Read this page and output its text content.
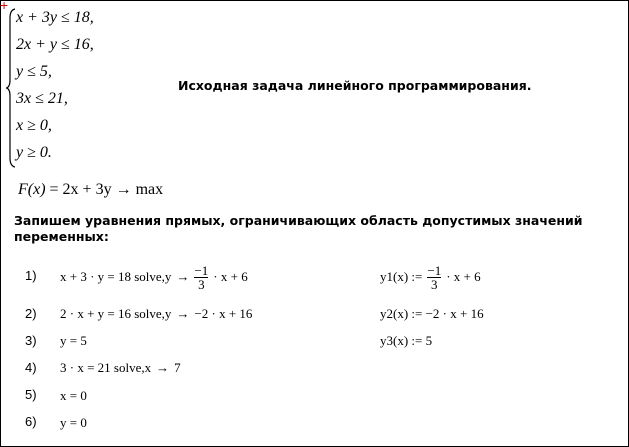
+
x + 3y ≤ 18,
2x + y ≤ 16,
y ≤ 5,
3x ≤ 21,
x ≥ 0,
y ≥ 0.
Исходная задача линейного программирования.
F(x) = 2x + 3y → max
Запишем уравнения прямых, ограничивающих область допустимых значений переменных:
1) x + 3 · y = 18 solve,y → $\frac{-1}{3} \cdot x + 6$	y1(x) := $\frac{-1}{3} \cdot x + 6$
2) 2 · x + y = 16 solve,y → −2 · x + 16	y2(x) := −2 · x + 16
3) y = 5	y3(x) := 5
4) 3 · x = 21 solve,x → 7
5) x = 0
6) y = 0
